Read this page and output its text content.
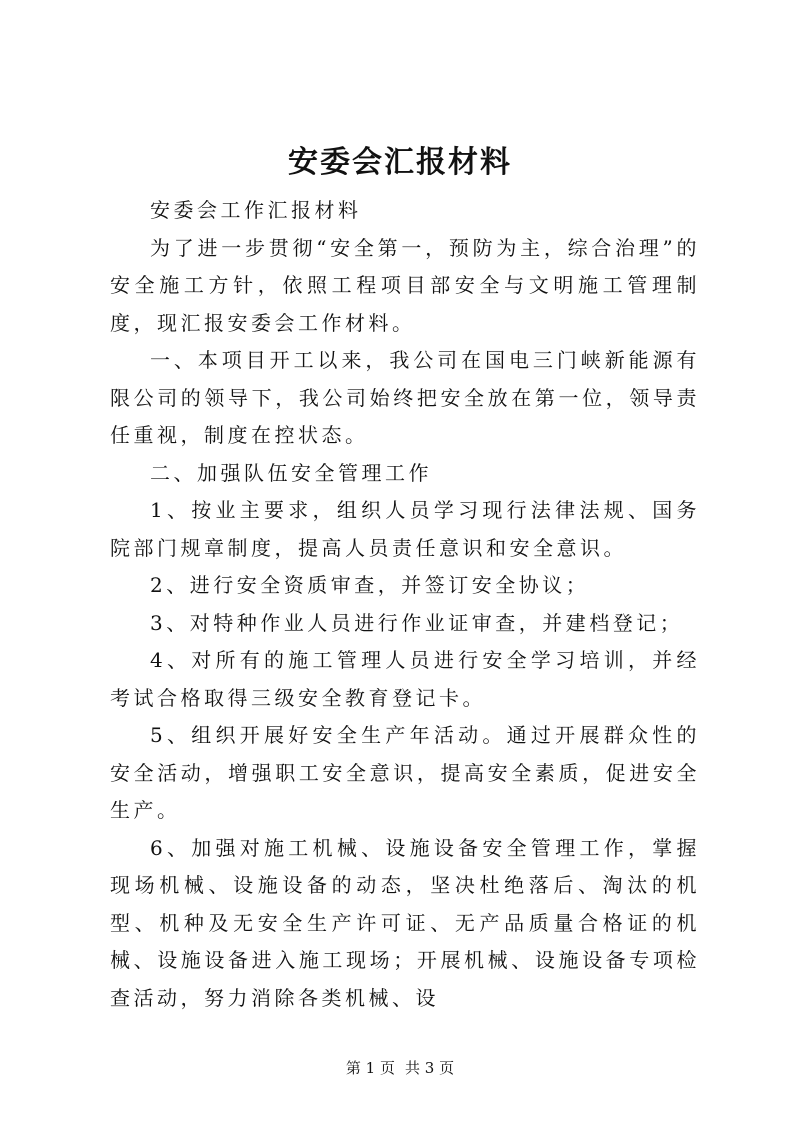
安委会汇报材料

安委会工作汇报材料

为了进一步贯彻“安全第一，预防为主，综合治理”的安全施工方针，依照工程项目部安全与文明施工管理制度，现汇报安委会工作材料。

一、本项目开工以来，我公司在国电三门峡新能源有限公司的领导下，我公司始终把安全放在第一位，领导责任重视，制度在控状态。

二、加强队伍安全管理工作

1、按业主要求，组织人员学习现行法律法规、国务院部门规章制度，提高人员责任意识和安全意识。

2、进行安全资质审查，并签订安全协议；

3、对特种作业人员进行作业证审查，并建档登记；

4、对所有的施工管理人员进行安全学习培训，并经考试合格取得三级安全教育登记卡。

5、组织开展好安全生产年活动。通过开展群众性的安全活动，增强职工安全意识，提高安全素质，促进安全生产。

6、加强对施工机械、设施设备安全管理工作，掌握现场机械、设施设备的动态，坚决杜绝落后、淘汰的机型、机种及无安全生产许可证、无产品质量合格证的机械、设施设备进入施工现场；开展机械、设施设备专项检查活动，努力消除各类机械、设

第 1 页 共 3 页
